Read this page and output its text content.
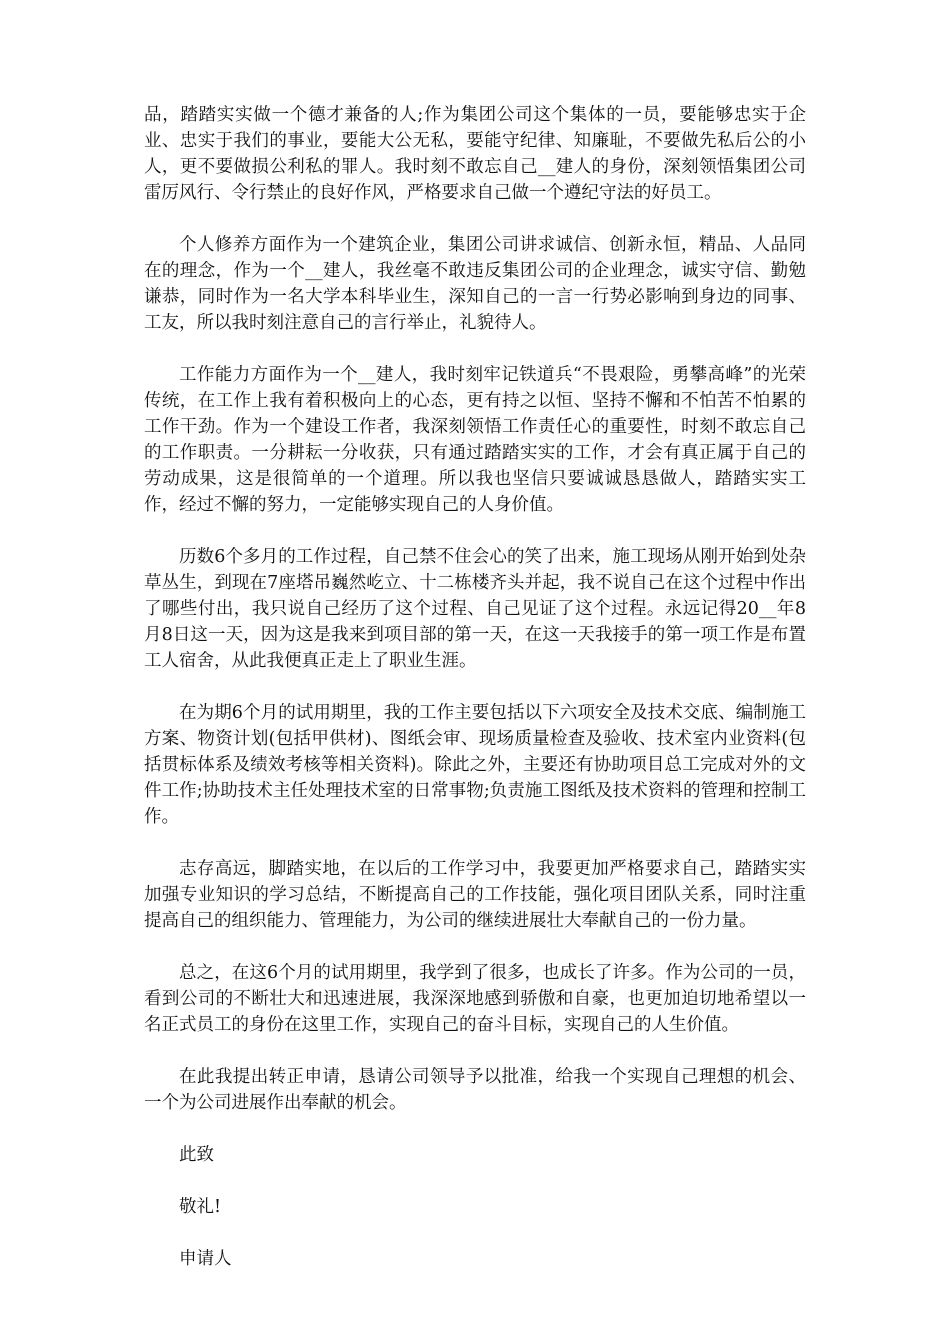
品，踏踏实实做一个德才兼备的人;作为集团公司这个集体的一员，要能够忠实于企业、忠实于我们的事业，要能大公无私，要能守纪律、知廉耻，不要做先私后公的小人，更不要做损公利私的罪人。我时刻不敢忘自己__建人的身份，深刻领悟集团公司雷厉风行、令行禁止的良好作风，严格要求自己做一个遵纪守法的好员工。

个人修养方面作为一个建筑企业，集团公司讲求诚信、创新永恒，精品、人品同在的理念，作为一个__建人，我丝毫不敢违反集团公司的企业理念，诚实守信、勤勉谦恭，同时作为一名大学本科毕业生，深知自己的一言一行势必影响到身边的同事、工友，所以我时刻注意自己的言行举止，礼貌待人。

工作能力方面作为一个__建人，我时刻牢记铁道兵“不畏艰险，勇攀高峰”的光荣传统，在工作上我有着积极向上的心态，更有持之以恒、坚持不懈和不怕苦不怕累的工作干劲。作为一个建设工作者，我深刻领悟工作责任心的重要性，时刻不敢忘自己的工作职责。一分耕耘一分收获，只有通过踏踏实实的工作，才会有真正属于自己的劳动成果，这是很简单的一个道理。所以我也坚信只要诚诚恳恳做人，踏踏实实工作，经过不懈的努力，一定能够实现自己的人身价值。

历数6个多月的工作过程，自己禁不住会心的笑了出来，施工现场从刚开始到处杂草丛生，到现在7座塔吊巍然屹立、十二栋楼齐头并起，我不说自己在这个过程中作出了哪些付出，我只说自己经历了这个过程、自己见证了这个过程。永远记得20__年8月8日这一天，因为这是我来到项目部的第一天，在这一天我接手的第一项工作是布置工人宿舍，从此我便真正走上了职业生涯。

在为期6个月的试用期里，我的工作主要包括以下六项安全及技术交底、编制施工方案、物资计划(包括甲供材)、图纸会审、现场质量检查及验收、技术室内业资料(包括贯标体系及绩效考核等相关资料)。除此之外，主要还有协助项目总工完成对外的文件工作;协助技术主任处理技术室的日常事物;负责施工图纸及技术资料的管理和控制工作。

志存高远，脚踏实地，在以后的工作学习中，我要更加严格要求自己，踏踏实实加强专业知识的学习总结，不断提高自己的工作技能，强化项目团队关系，同时注重提高自己的组织能力、管理能力，为公司的继续进展壮大奉献自己的一份力量。

总之，在这6个月的试用期里，我学到了很多，也成长了许多。作为公司的一员，看到公司的不断壮大和迅速进展，我深深地感到骄傲和自豪，也更加迫切地希望以一名正式员工的身份在这里工作，实现自己的奋斗目标，实现自己的人生价值。

在此我提出转正申请，恳请公司领导予以批准，给我一个实现自己理想的机会、一个为公司进展作出奉献的机会。

此致

敬礼!

申请人
